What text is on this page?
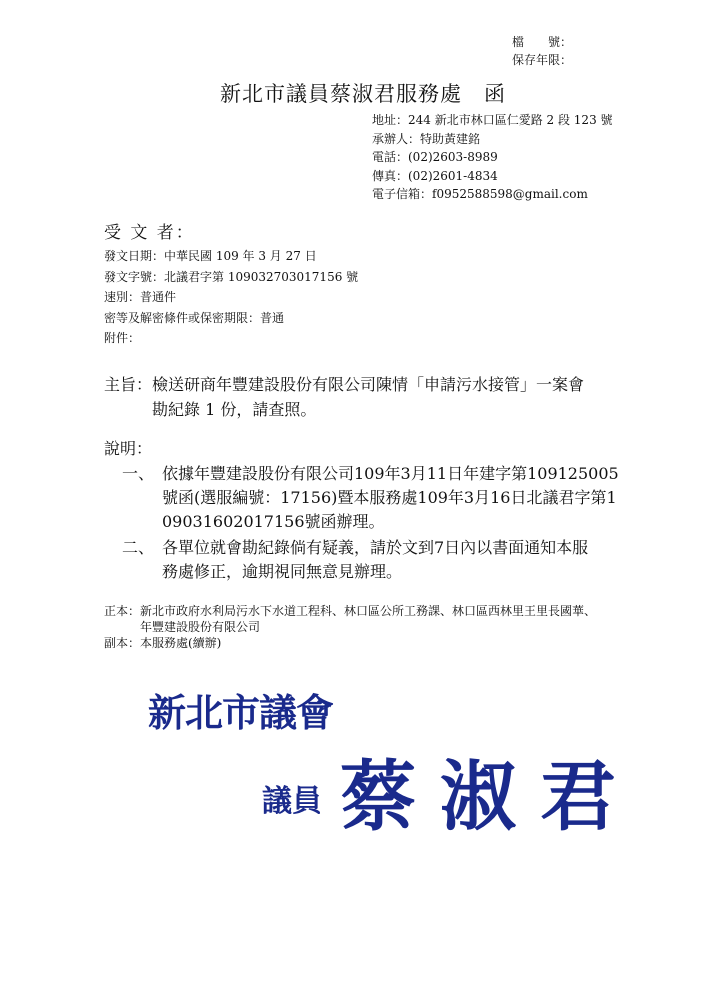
檔　　號：
保存年限：
新北市議員蔡淑君服務處　函
地址：244 新北市林口區仁愛路 2 段 123 號
承辦人：特助黃建銘
電話：(02)2603-8989
傳真：(02)2601-4834
電子信箱：f0952588598@gmail.com
受 文 者：
發文日期：中華民國 109 年 3 月 27 日
發文字號：北議君字第 109032703017156 號
速別：普通件
密等及解密條件或保密期限：普通
附件：
主旨：檢送研商年豐建設股份有限公司陳情「申請污水接管」一案會
勘紀錄 1 份，請查照。
說明：
一、 依據年豐建設股份有限公司109年3月11日年建字第109125005
號函(選服編號：17156)暨本服務處109年3月16日北議君字第1
09031602017156號函辦理。
二、 各單位就會勘紀錄倘有疑義，請於文到7日內以書面通知本服
務處修正，逾期視同無意見辦理。
正本： 新北市政府水利局污水下水道工程科、林口區公所工務課、林口區西林里王里長國華、
年豐建設股份有限公司
副本：本服務處(續辦)
新北市議會
議員 蔡淑君
